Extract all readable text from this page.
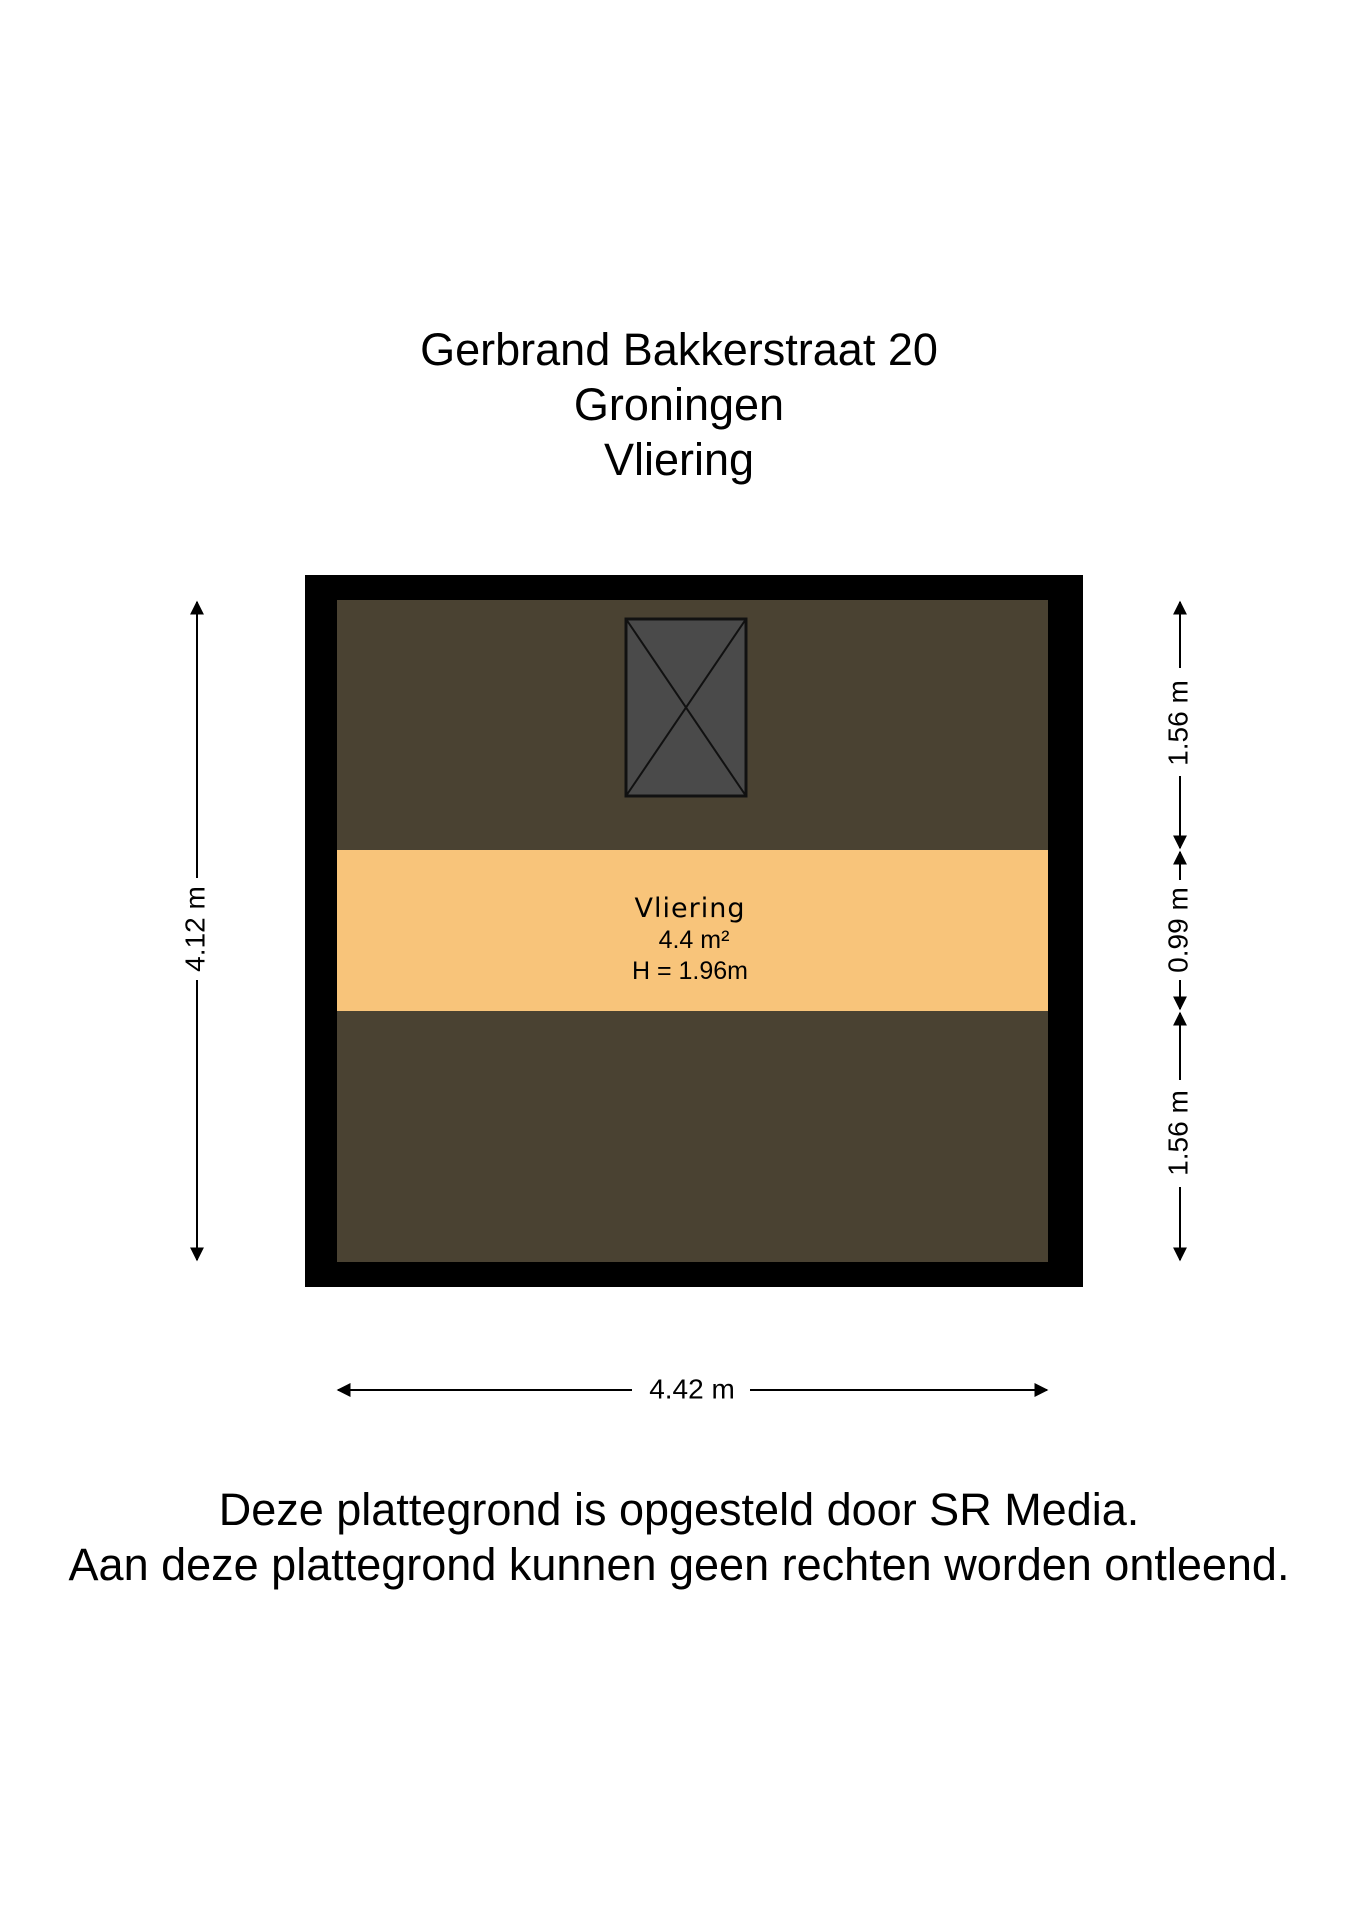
Gerbrand Bakkerstraat 20

Groningen

Vliering

Vliering
4.4 m²
H = 1.96m
4.12 m
1.56 m
0.99 m
1.56 m
4.42 m

Deze plattegrond is opgesteld door SR Media.

Aan deze plattegrond kunnen geen rechten worden ontleend.
